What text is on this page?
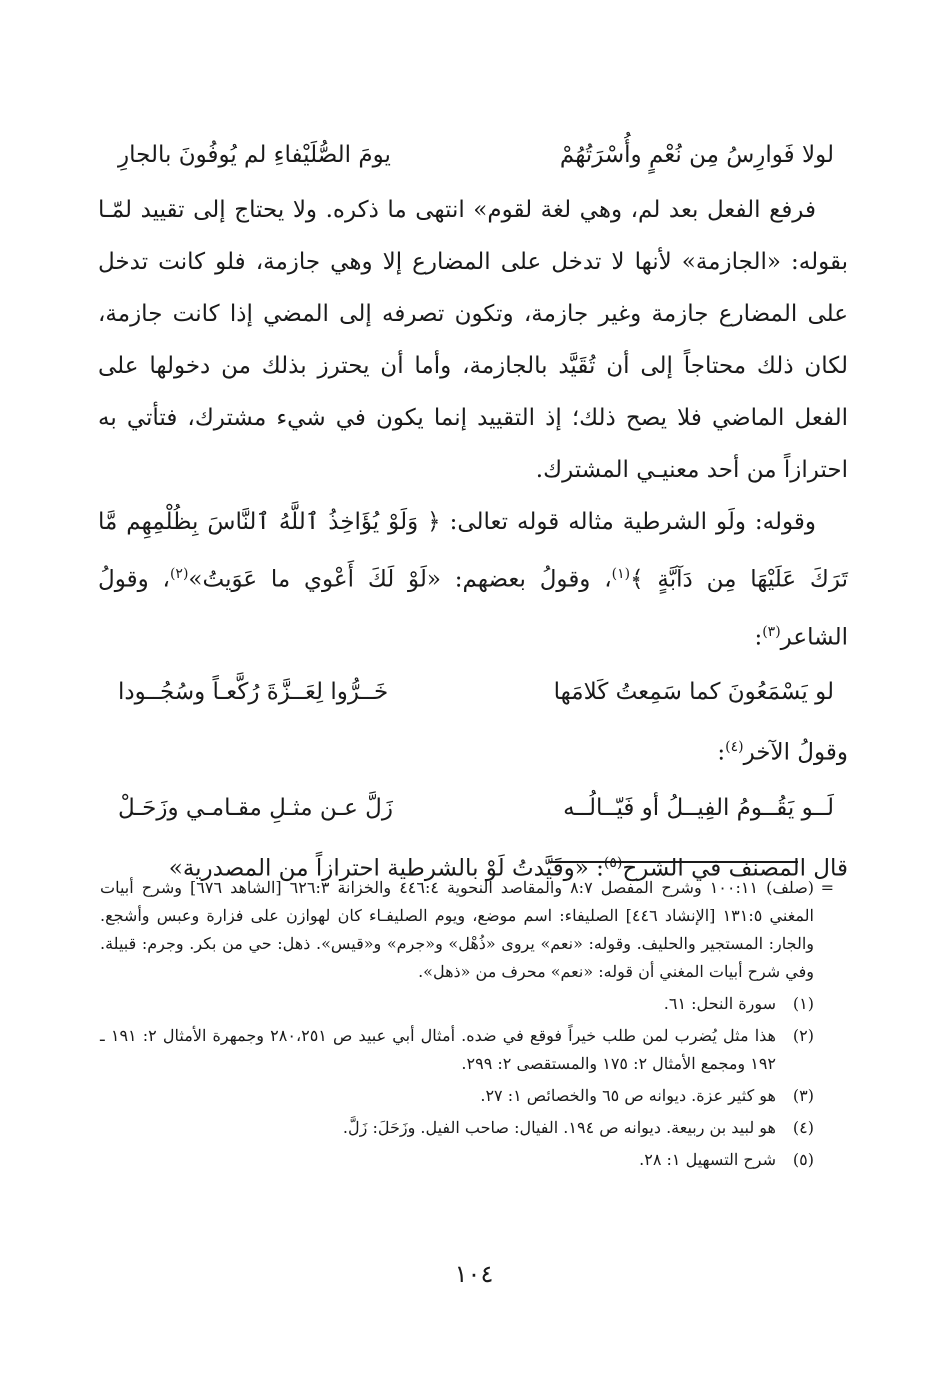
لولا فَوارِسُ مِن نُعْمٍ وأُسْرَتُهُمْ
يومَ الصُّلَيْفاءِ لم يُوفُونَ بالجارِ

فرفع الفعل بعد لم، وهي لغة لقوم» انتهى ما ذكره. ولا يحتاج إلى تقييد لمّـا بقوله: «الجازمة» لأنها لا تدخل على المضارع إلا وهي جازمة، فلو كانت تدخل على المضارع جازمة وغير جازمة، وتكون تصرفه إلى المضي إذا كانت جازمة، لكان ذلك محتاجاً إلى أن تُقَيَّد بالجازمة، وأما أن يحترز بذلك من دخولها على الفعل الماضي فلا يصح ذلك؛ إذ التقييد إنما يكون في شيء مشترك، فتأتي به احترازاً من أحد معنيـي المشترك.

وقوله: ولَو الشرطية مثاله قوله تعالى: ﴿ وَلَوْ يُؤَاخِذُ ٱللَّهُ ٱلنَّاسَ بِظُلْمِهِم مَّا تَرَكَ عَلَيْهَا مِن دَآبَّةٍ ﴾$^{(١)}$، وقولُ بعضهم: «لَوْ لَكَ أَعْوي ما عَوَيتُ»$^{(٢)}$، وقولُ الشاعر$^{(٣)}$:

لو يَسْمَعُونَ كما سَمِعتُ كَلامَها
خَــرُّوا لِعَــزَّةَ رُكَّعـاً وسُجُــودا

وقولُ الآخر$^{(٤)}$:

لَــو يَقُــومُ الفِيــلُ أو فَيّــالُــه
زَلَّ عـن مثـلِ مقـامـي وزَحَـلْ

قال المصنف في الشرح$^{(٥)}$: «وقَيَّدتُ لَوْ بالشرطية احترازاً من المصدرية»

=

(صلف) ١٠٠:١١ وشرح المفصل ٨:٧ والمقاصد النحوية ٤٤٦:٤ والخزانة ٦٢٦:٣ [الشاهد ٦٧٦] وشرح أبيات المغني ١٣١:٥ [الإنشاد ٤٤٦] الصليفاء: اسم موضع، ويوم الصليفـاء كان لهوازن على فزارة وعبس وأشجع. والجار: المستجير والحليف. وقوله: «نعم» يروى «ذُهْل» و«جرم» و«قيس». ذهل: حي من بكر. وجرم: قبيلة. وفي شرح أبيات المغني أن قوله: «نعم» محرف من «ذهل».

(١)
سورة النحل: ٦١.
(٢)
هذا مثل يُضرب لمن طلب خيراً فوقع في ضده. أمثال أبي عبيد ص ٢٨٠،٢٥١ وجمهرة الأمثال ٢: ١٩١ ـ ١٩٢ ومجمع الأمثال ٢: ١٧٥ والمستقصى ٢: ٢٩٩.
(٣)
هو كثير عزة. ديوانه ص ٦٥ والخصائص ١: ٢٧.
(٤)
هو لبيد بن ربيعة. ديوانه ص ١٩٤. الفيال: صاحب الفيل. وزَحَلَ: زَلَّ.
(٥)
شرح التسهيل ١: ٢٨.
١٠٤
